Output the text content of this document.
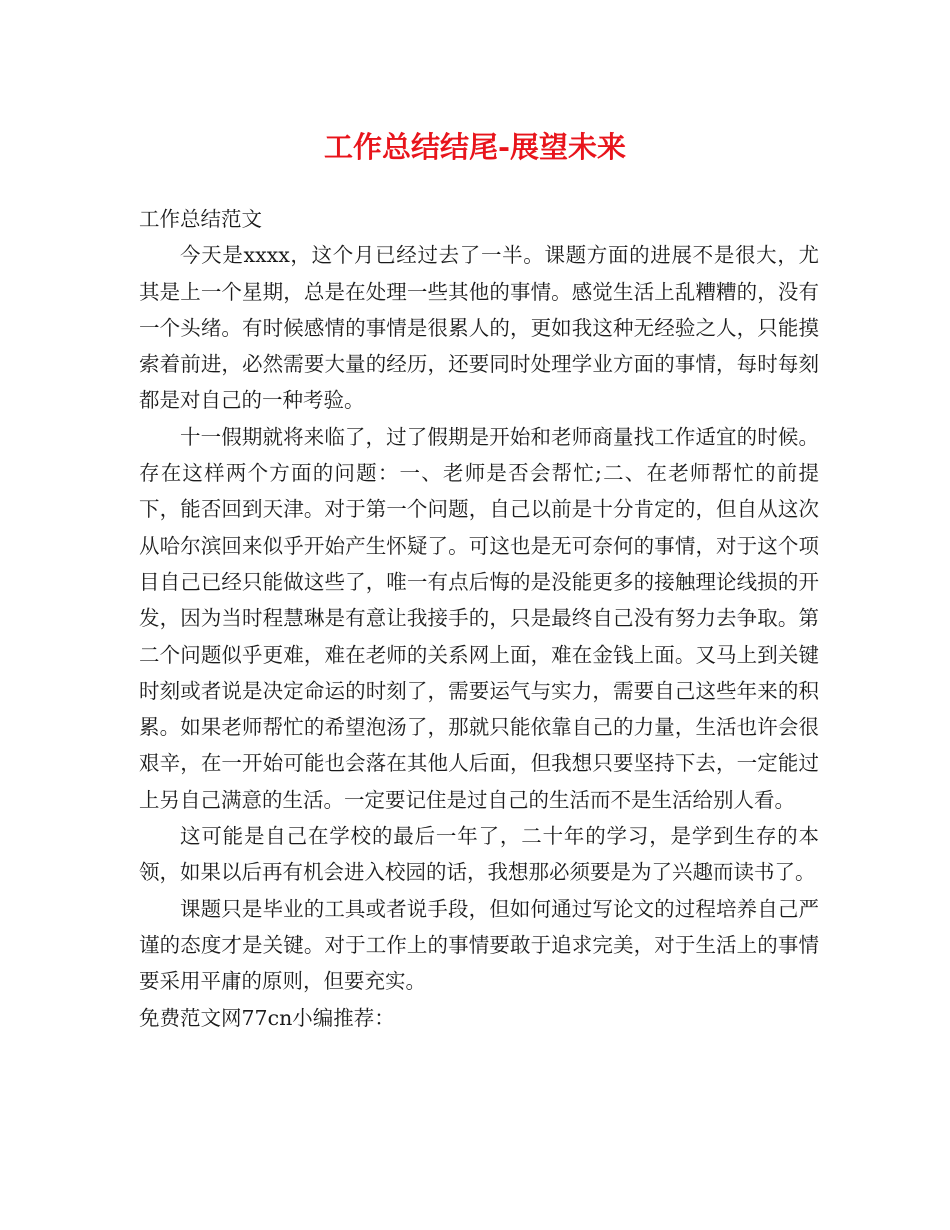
工作总结结尾-展望未来

工作总结范文

今天是xxxx，这个月已经过去了一半。课题方面的进展不是很大，尤其是上一个星期，总是在处理一些其他的事情。感觉生活上乱糟糟的，没有一个头绪。有时候感情的事情是很累人的，更如我这种无经验之人，只能摸索着前进，必然需要大量的经历，还要同时处理学业方面的事情，每时每刻都是对自己的一种考验。

十一假期就将来临了，过了假期是开始和老师商量找工作适宜的时候。存在这样两个方面的问题：一、老师是否会帮忙;二、在老师帮忙的前提下，能否回到天津。对于第一个问题，自己以前是十分肯定的，但自从这次从哈尔滨回来似乎开始产生怀疑了。可这也是无可奈何的事情，对于这个项目自己已经只能做这些了，唯一有点后悔的是没能更多的接触理论线损的开发，因为当时程慧琳是有意让我接手的，只是最终自己没有努力去争取。第二个问题似乎更难，难在老师的关系网上面，难在金钱上面。又马上到关键时刻或者说是决定命运的时刻了，需要运气与实力，需要自己这些年来的积累。如果老师帮忙的希望泡汤了，那就只能依靠自己的力量，生活也许会很艰辛，在一开始可能也会落在其他人后面，但我想只要坚持下去，一定能过上另自己满意的生活。一定要记住是过自己的生活而不是生活给别人看。

这可能是自己在学校的最后一年了，二十年的学习，是学到生存的本领，如果以后再有机会进入校园的话，我想那必须要是为了兴趣而读书了。

课题只是毕业的工具或者说手段，但如何通过写论文的过程培养自己严谨的态度才是关键。对于工作上的事情要敢于追求完美，对于生活上的事情要采用平庸的原则，但要充实。

免费范文网77cn小编推荐：
